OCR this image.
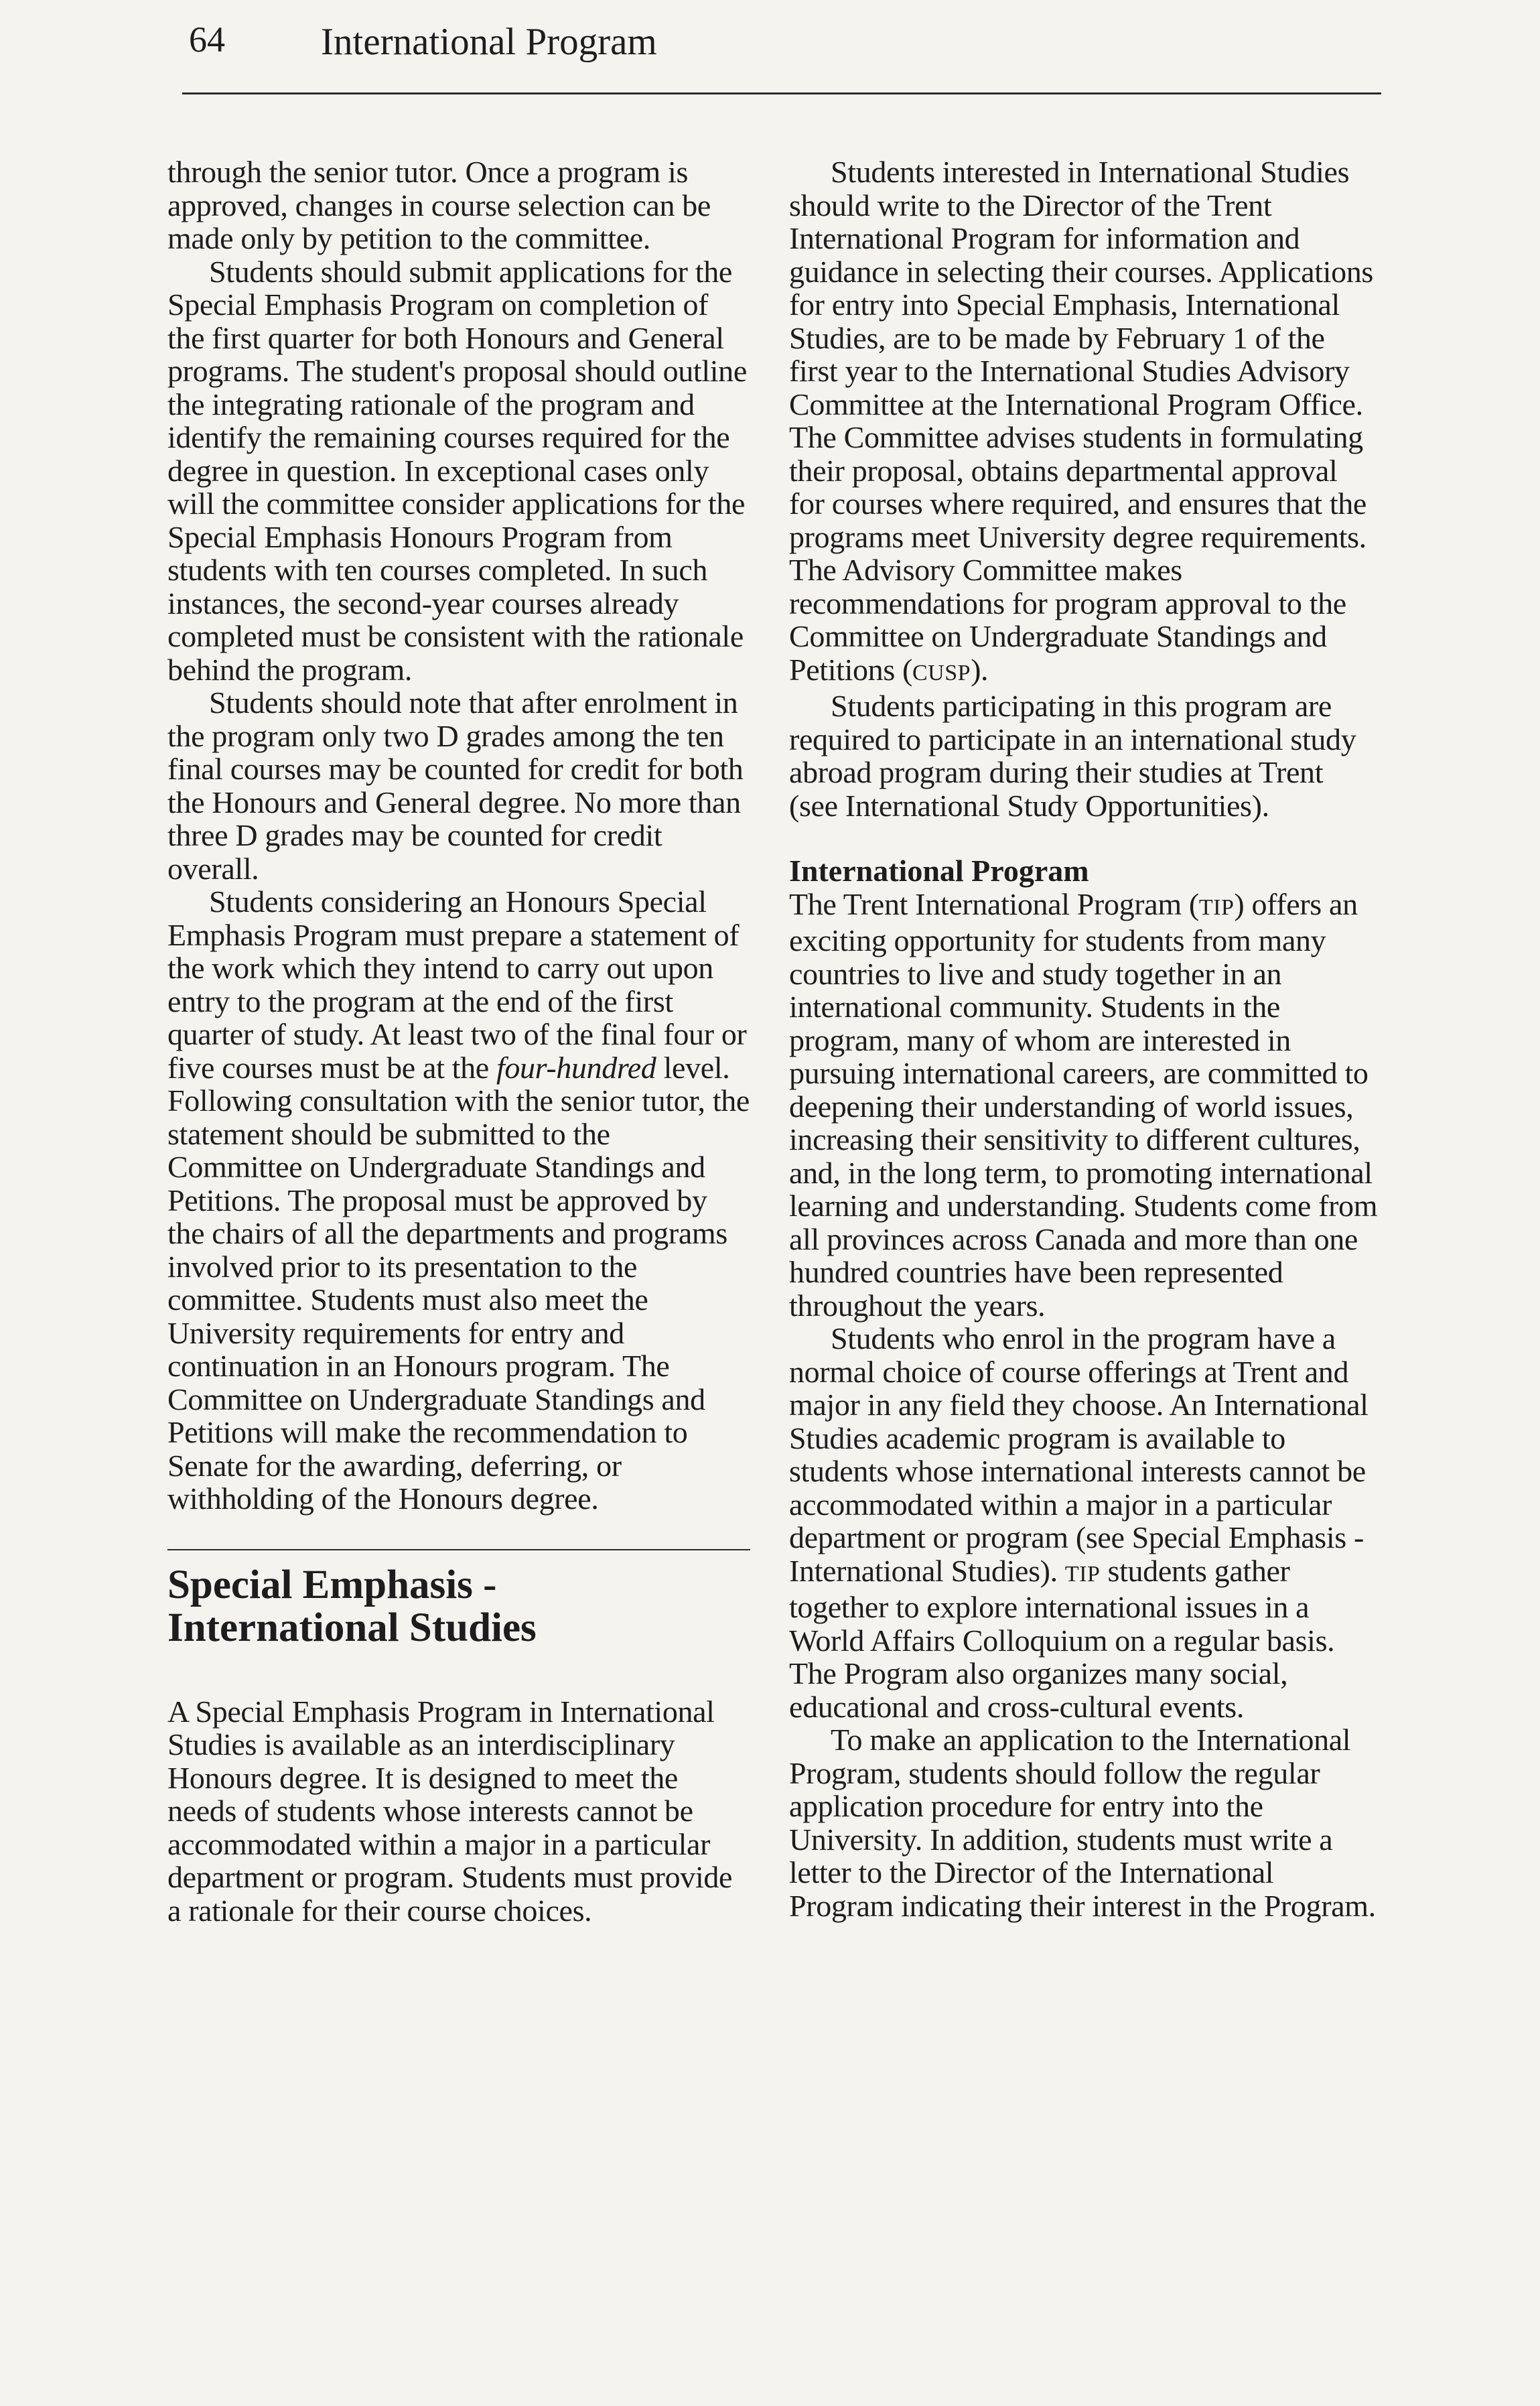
64	International Program

through the senior tutor. Once a program is approved, changes in course selection can be made only by petition to the committee.

Students should submit applications for the Special Emphasis Program on completion of the first quarter for both Honours and General programs. The student's proposal should outline the integrating rationale of the program and identify the remaining courses required for the degree in question. In exceptional cases only will the committee consider applications for the Special Emphasis Honours Program from students with ten courses completed. In such instances, the second-year courses already completed must be consistent with the rationale behind the program.

Students should note that after enrolment in the program only two D grades among the ten final courses may be counted for credit for both the Honours and General degree. No more than three D grades may be counted for credit overall.

Students considering an Honours Special Emphasis Program must prepare a statement of the work which they intend to carry out upon entry to the program at the end of the first quarter of study. At least two of the final four or five courses must be at the four-hundred level. Following consultation with the senior tutor, the statement should be submitted to the Committee on Undergraduate Standings and Petitions. The proposal must be approved by the chairs of all the departments and programs involved prior to its presentation to the committee. Students must also meet the University requirements for entry and continuation in an Honours program. The Committee on Undergraduate Standings and Petitions will make the recommendation to Senate for the awarding, deferring, or withholding of the Honours degree.

Special Emphasis -
International Studies

A Special Emphasis Program in International Studies is available as an interdisciplinary Honours degree. It is designed to meet the needs of students whose interests cannot be accommodated within a major in a particular department or program. Students must provide a rationale for their course choices.

Students interested in International Studies should write to the Director of the Trent International Program for information and guidance in selecting their courses. Applications for entry into Special Emphasis, International Studies, are to be made by February 1 of the first year to the International Studies Advisory Committee at the International Program Office. The Committee advises students in formulating their proposal, obtains departmental approval for courses where required, and ensures that the programs meet University degree requirements. The Advisory Committee makes recommendations for program approval to the Committee on Undergraduate Standings and Petitions (CUSP).

Students participating in this program are required to participate in an international study abroad program during their studies at Trent (see International Study Opportunities).

International Program

The Trent International Program (TIP) offers an exciting opportunity for students from many countries to live and study together in an international community. Students in the program, many of whom are interested in pursuing international careers, are committed to deepening their understanding of world issues, increasing their sensitivity to different cultures, and, in the long term, to promoting international learning and understanding. Students come from all provinces across Canada and more than one hundred countries have been represented throughout the years.

Students who enrol in the program have a normal choice of course offerings at Trent and major in any field they choose. An International Studies academic program is available to students whose international interests cannot be accommodated within a major in a particular department or program (see Special Emphasis - International Studies). TIP students gather together to explore international issues in a World Affairs Colloquium on a regular basis. The Program also organizes many social, educational and cross-cultural events.

To make an application to the International Program, students should follow the regular application procedure for entry into the University. In addition, students must write a letter to the Director of the International Program indicating their interest in the Program.
